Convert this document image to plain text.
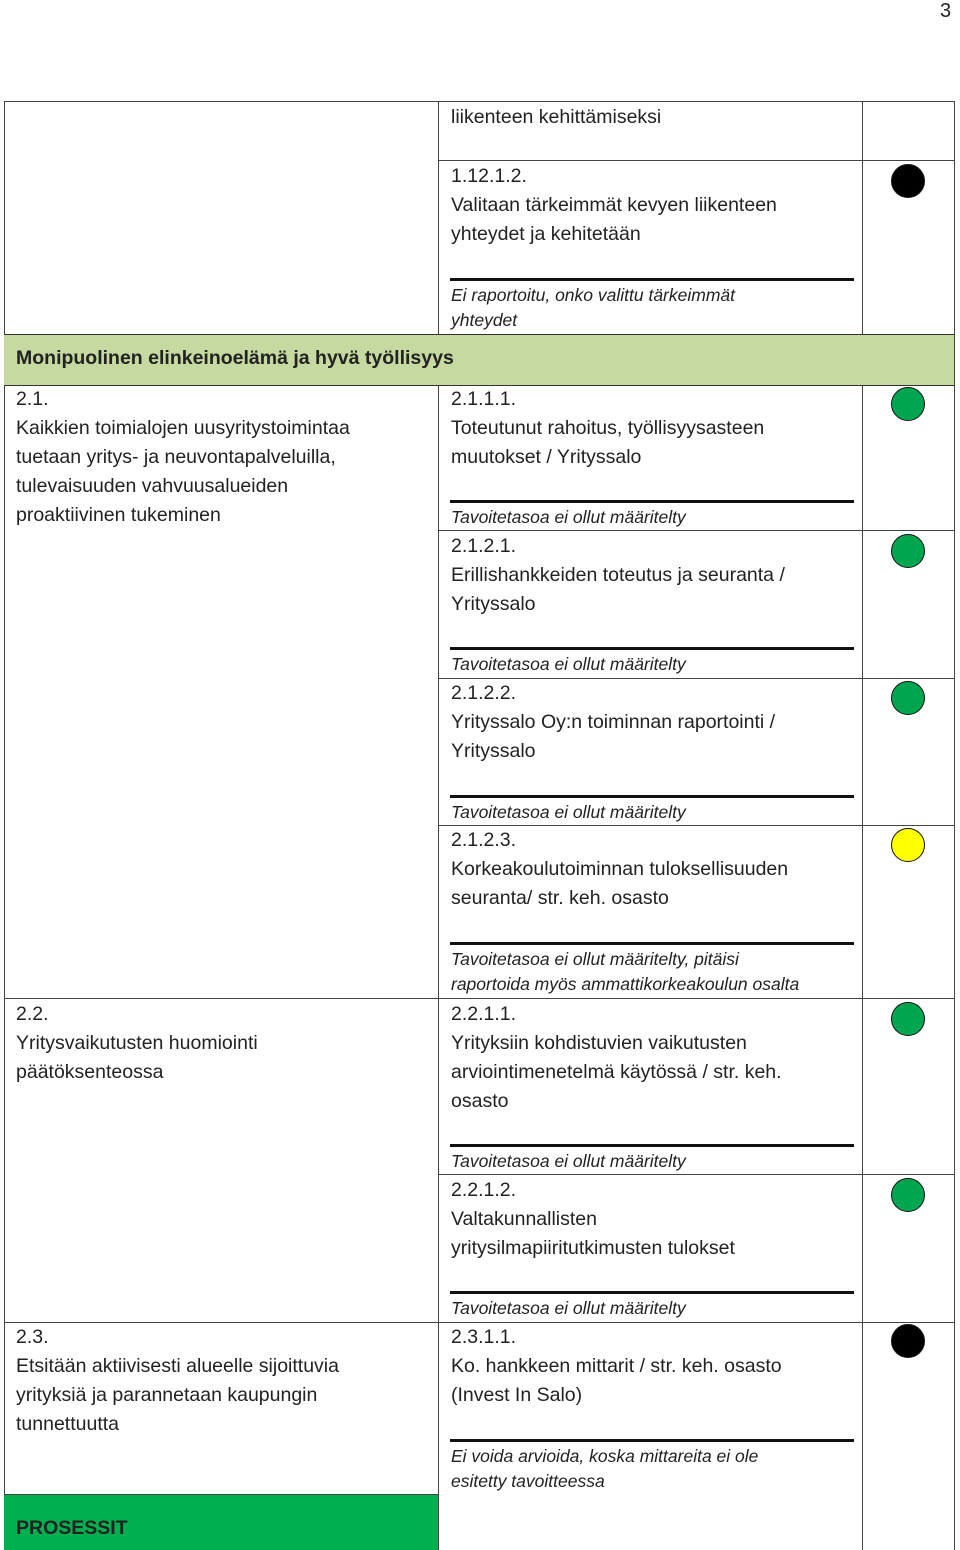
3
Monipuolinen elinkeinoelämä ja hyvä työllisyys
liikenteen kehittämiseksi
1.12.1.2.
Valitaan tärkeimmät kevyen liikenteen
yhteydet ja kehitetään
Ei raportoitu, onko valittu tärkeimmät
yhteydet
2.1.
Kaikkien toimialojen uusyritystoimintaa
tuetaan yritys- ja neuvontapalveluilla,
tulevaisuuden vahvuusalueiden
proaktiivinen tukeminen
2.2.
Yritysvaikutusten huomiointi
päätöksenteossa
2.3.
Etsitään aktiivisesti alueelle sijoittuvia
yrityksiä ja parannetaan kaupungin
tunnettuutta
2.1.1.1.
Toteutunut rahoitus, työllisyysasteen
muutokset / Yrityssalo
Tavoitetasoa ei ollut määritelty
2.1.2.1.
Erillishankkeiden toteutus ja seuranta /
Yrityssalo
Tavoitetasoa ei ollut määritelty
2.1.2.2.
Yrityssalo Oy:n toiminnan raportointi /
Yrityssalo
Tavoitetasoa ei ollut määritelty
2.1.2.3.
Korkeakoulutoiminnan tuloksellisuuden
seuranta/ str. keh. osasto
Tavoitetasoa ei ollut määritelty, pitäisi
raportoida myös ammattikorkeakoulun osalta
2.2.1.1.
Yrityksiin kohdistuvien vaikutusten
arviointimenetelmä käytössä / str. keh.
osasto
Tavoitetasoa ei ollut määritelty
2.2.1.2.
Valtakunnallisten
yritysilmapiiritutkimusten tulokset
Tavoitetasoa ei ollut määritelty
2.3.1.1.
Ko. hankkeen mittarit / str. keh. osasto
(Invest In Salo)
Ei voida arvioida, koska mittareita ei ole
esitetty tavoitteessa
PROSESSIT
